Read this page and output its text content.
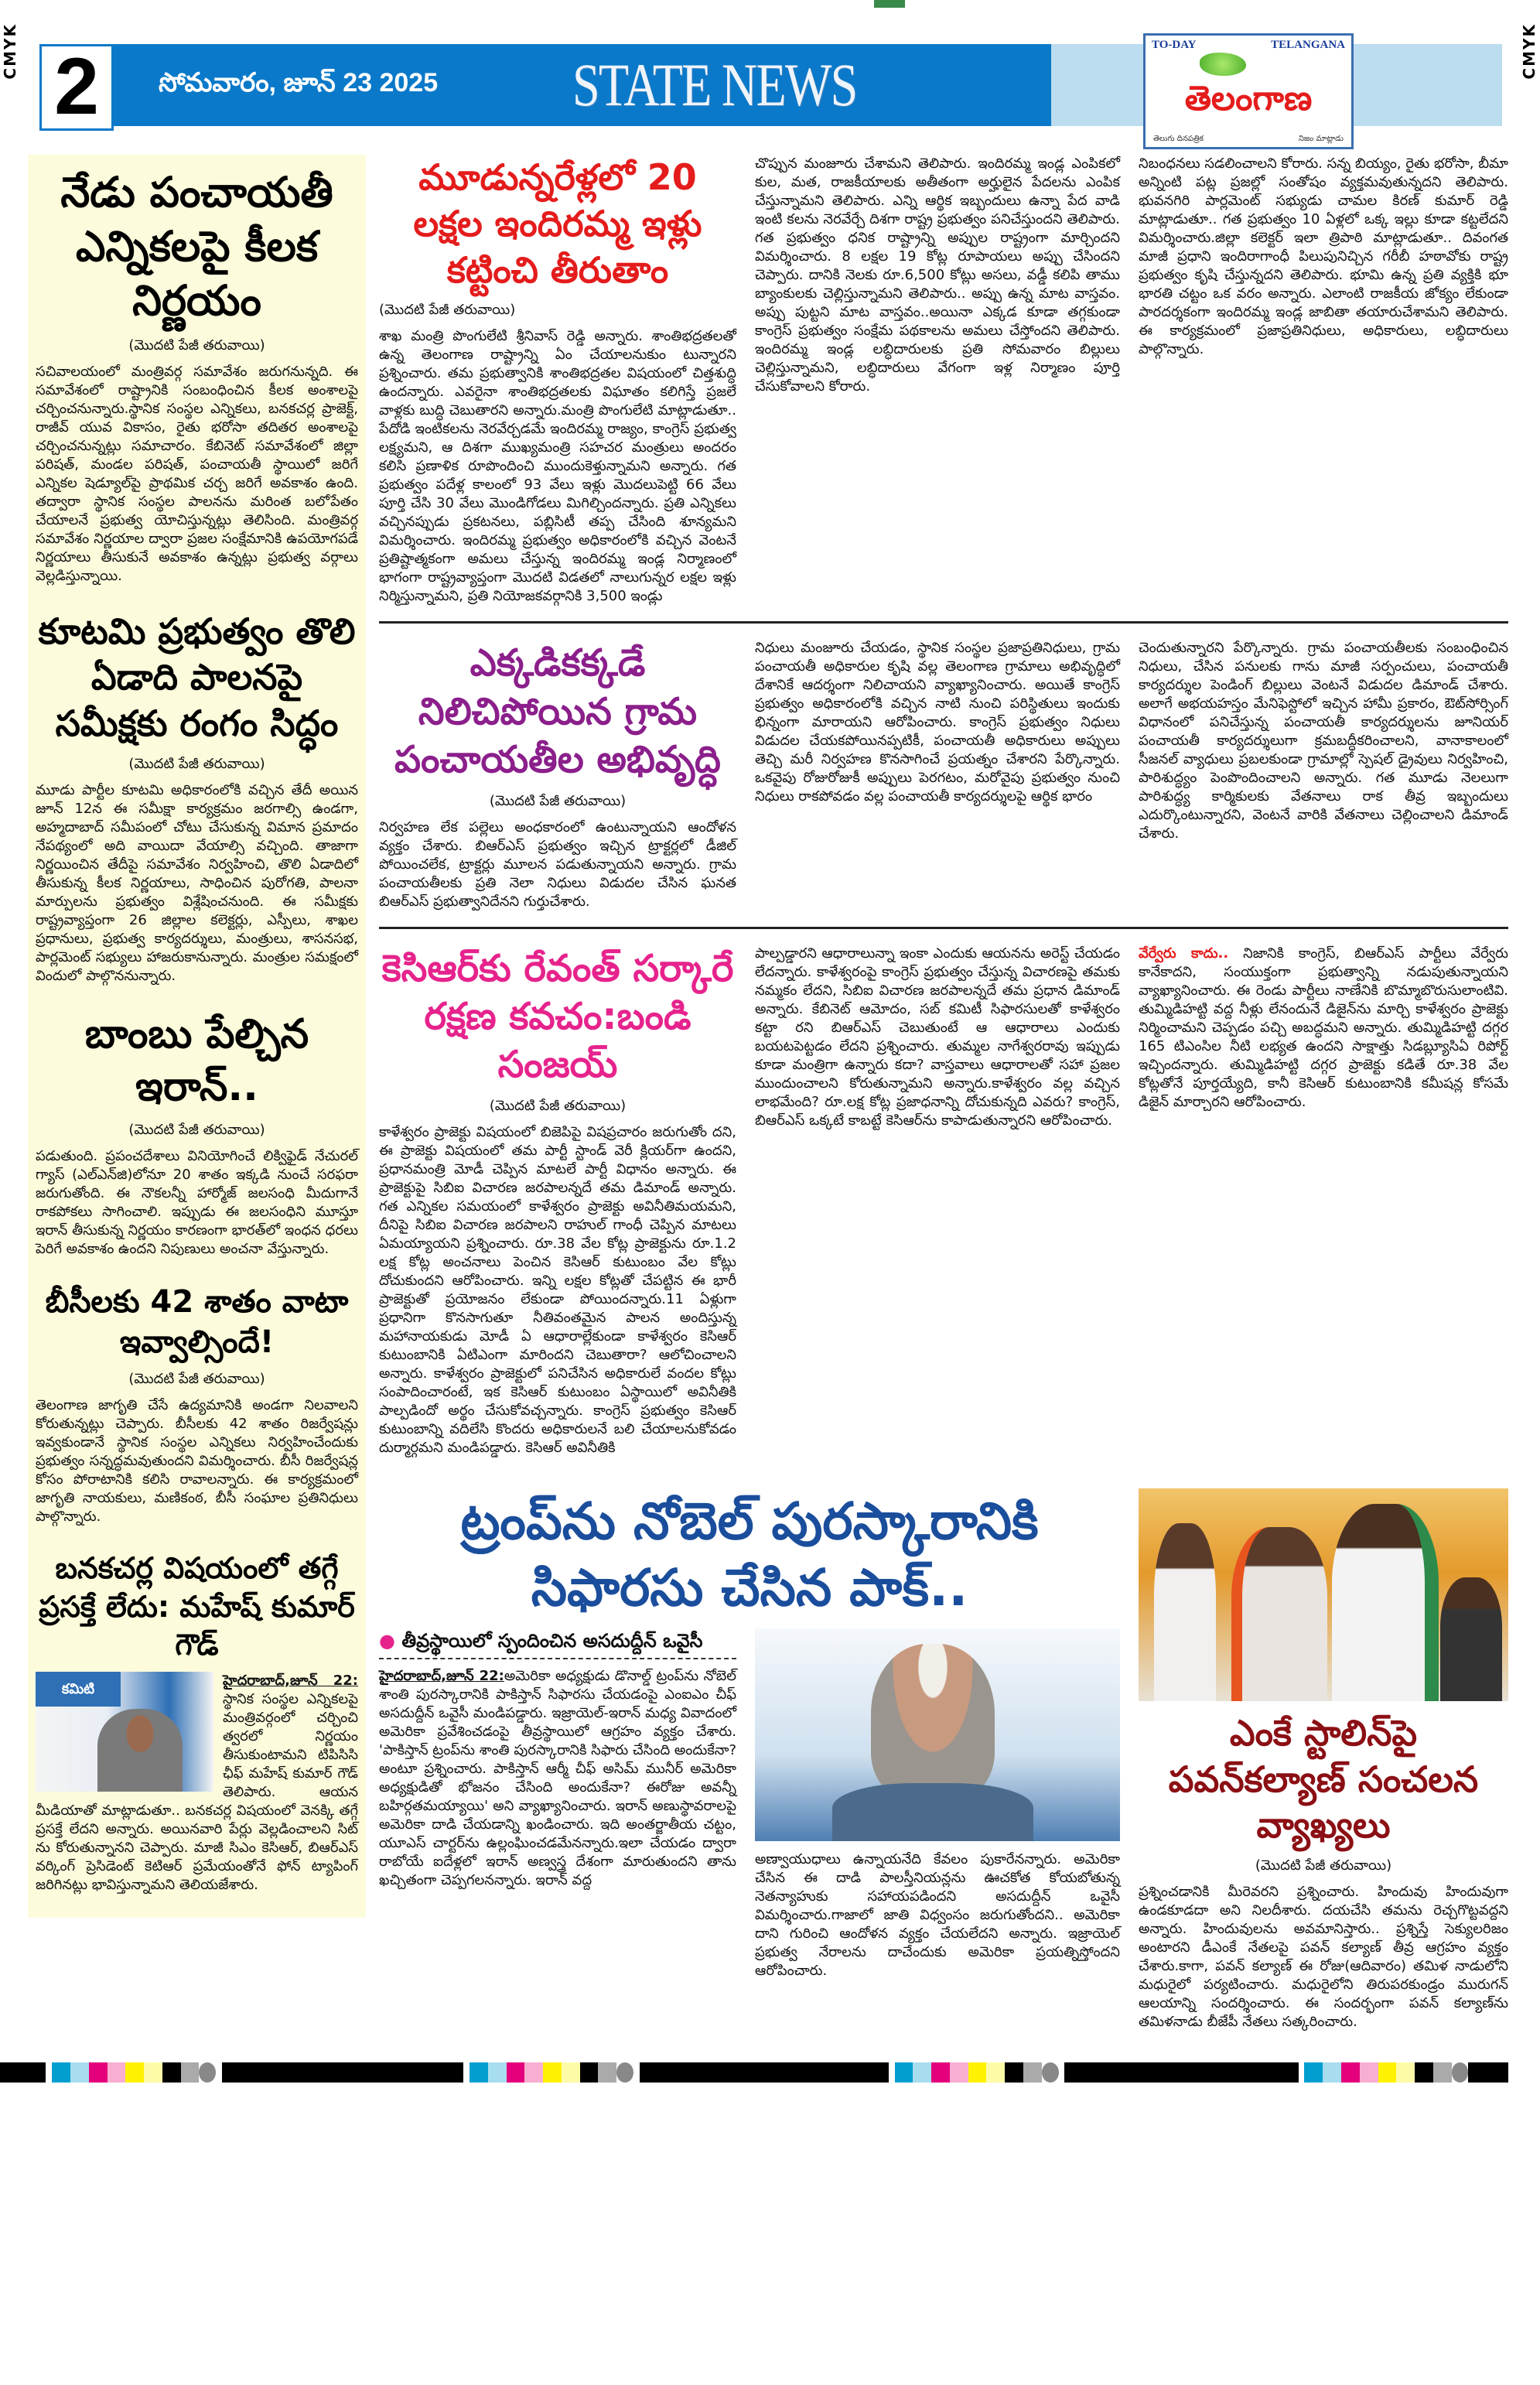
CMYK	CMYK
2	సోమవారం, జూన్ 23 2025 STATE NEWS
TO-DAY	TELANGANA
తెలంగాణ
తెలుగు దినపత్రిక	నిజం మాట్లాడు
నేడు పంచాయతీ ఎన్నికలపై కీలక నిర్ణయం
(మొదటి పేజీ తరువాయి)

సచివాలయంలో మంత్రివర్గ సమావేశం జరుగనున్నది. ఈ సమావేశంలో రాష్ట్రానికి సంబంధించిన కీలక అంశాలపై చర్చించనున్నారు.స్థానిక సంస్థల ఎన్నికలు, బనకచర్ల ప్రాజెక్ట్, రాజీవ్ యువ వికాసం, రైతు భరోసా తదితర అంశాలపై చర్చించనున్నట్లు సమాచారం. కేబినెట్ సమావేశంలో జిల్లా పరిషత్, మండల పరిషత్, పంచాయతీ స్థాయిలో జరిగే ఎన్నికల షెడ్యూల్‌పై ప్రాథమిక చర్చ జరిగే అవకాశం ఉంది. తద్వారా స్థానిక సంస్థల పాలనను మరింత బలోపేతం చేయాలనే ప్రభుత్వ యోచిస్తున్నట్లు తెలిసింది. మంత్రివర్గ సమావేశం నిర్ణయాల ద్వారా ప్రజల సంక్షేమానికి ఉపయోగపడే నిర్ణయాలు తీసుకునే అవకాశం ఉన్నట్లు ప్రభుత్వ వర్గాలు వెల్లడిస్తున్నాయి.

కూటమి ప్రభుత్వం తొలి ఏడాది పాలనపై సమీక్షకు రంగం సిద్ధం
(మొదటి పేజీ తరువాయి)

మూడు పార్టీల కూటమి అధికారంలోకి వచ్చిన తేదీ అయిన జూన్ 12న ఈ సమీక్షా కార్యక్రమం జరగాల్సి ఉండగా, అహ్మదాబాద్ సమీపంలో చోటు చేసుకున్న విమాన ప్రమాదం నేపథ్యంలో అది వాయిదా వేయాల్సి వచ్చింది. తాజాగా నిర్ణయించిన తేదీపై సమావేశం నిర్వహించి, తొలి ఏడాదిలో తీసుకున్న కీలక నిర్ణయాలు, సాధించిన పురోగతి, పాలనా మార్పులను ప్రభుత్వం విశ్లేషించనుంది. ఈ సమీక్షకు రాష్ట్రవ్యాప్తంగా 26 జిల్లాల కలెక్టర్లు, ఎస్పీలు, శాఖల ప్రధానులు, ప్రభుత్వ కార్యదర్శులు, మంత్రులు, శాసనసభ, పార్లమెంట్ సభ్యులు హాజరుకానున్నారు. మంత్రుల సమక్షంలో విందులో పాల్గొననున్నారు.

బాంబు పేల్చిన ఇరాన్..
(మొదటి పేజీ తరువాయి)

పడుతుంది. ప్రపంచదేశాలు వినియోగించే లిక్విఫైడ్ నేచురల్ గ్యాస్ (ఎల్ఎన్‌జి)లోనూ 20 శాతం ఇక్కడి నుంచే సరఫరా జరుగుతోంది. ఈ నౌకలన్నీ హార్మోజ్ జలసంధి మీదుగానే రాకపోకలు సాగించాలి. ఇప్పుడు ఈ జలసంధిని మూస్తూ ఇరాన్ తీసుకున్న నిర్ణయం కారణంగా భారత్‌లో ఇంధన ధరలు పెరిగే అవకాశం ఉందని నిపుణులు అంచనా వేస్తున్నారు.

బీసీలకు 42 శాతం వాటా ఇవ్వాల్సిందే!
(మొదటి పేజీ తరువాయి)

తెలంగాణ జాగృతి చేసే ఉద్యమానికి అండగా నిలవాలని కోరుతున్నట్లు చెప్పారు. బీసీలకు 42 శాతం రిజర్వేషన్లు ఇవ్వకుండానే స్థానిక సంస్థల ఎన్నికలు నిర్వహించేందుకు ప్రభుత్వం సన్నద్ధమవుతుందని విమర్శించారు. బీసీ రిజర్వేషన్ల కోసం పోరాటానికి కలిసి రావాలన్నారు. ఈ కార్యక్రమంలో జాగృతి నాయకులు, మణికంఠ, బీసీ సంఘాల ప్రతినిధులు పాల్గొన్నారు.

బనకచర్ల విషయంలో తగ్గే ప్రసక్తే లేదు: మహేష్ కుమార్ గౌడ్
కమిటి

హైదరాబాద్,జూన్ 22: స్థానిక సంస్థల ఎన్నికలపై మంత్రివర్గంలో చర్చించి త్వరలో నిర్ణయం తీసుకుంటామని టిపిసిసి ఛీఫ్ మహేష్ కుమార్ గౌడ్ తెలిపారు. ఆయన మీడియాతో మాట్లాడుతూ.. బనకచర్ల విషయంలో వెనక్కి తగ్గే ప్రసక్తే లేదని అన్నారు. అయినవారి పేర్లు వెల్లడించాలని సిట్ ను కోరుతున్నానని చెప్పారు. మాజీ సిఎం కెసిఆర్, బిఆర్ఎస్ వర్కింగ్ ప్రెసిడెంట్ కెటిఆర్ ప్రమేయంతోనే ఫోన్ ట్యాపింగ్ జరిగినట్లు భావిస్తున్నామని తెలియజేశారు.

మూడున్నరేళ్లలో 20 లక్షల ఇందిరమ్మ ఇళ్లు కట్టించి తీరుతాం
(మొదటి పేజీ తరువాయి)

శాఖ మంత్రి పొంగులేటి శ్రీనివాస్ రెడ్డి అన్నారు. శాంతిభద్రతలతో ఉన్న తెలంగాణ రాష్ట్రాన్ని ఏం చేయాలనుకుం టున్నారని ప్రశ్నించారు. తమ ప్రభుత్వానికి శాంతిభద్రతల విషయంలో చిత్తశుద్ధి ఉందన్నారు. ఎవరైనా శాంతిభద్రతలకు విఘాతం కలిగిస్తే ప్రజలే వాళ్లకు బుద్ధి చెబుతారని అన్నారు.మంత్రి పొంగులేటి మాట్లాడుతూ.. పేదోడి ఇంటికలను నెరవేర్చడమే ఇందిరమ్మ రాజ్యం, కాంగ్రెస్ ప్రభుత్వ లక్ష్యమని, ఆ దిశగా ముఖ్యమంత్రి సహచర మంత్రులు అందరం కలిసి ప్రణాళిక రూపొందించి ముందుకెళ్తున్నామని అన్నారు. గత ప్రభుత్వం పదేళ్ల కాలంలో 93 వేలు ఇళ్లు మొదలుపెట్టి 66 వేలు పూర్తి చేసి 30 వేలు మొండిగోడలు మిగిల్చిందన్నారు. ప్రతి ఎన్నికలు వచ్చినప్పుడు ప్రకటనలు, పబ్లిసిటీ తప్ప చేసింది శూన్యమని విమర్శించారు. ఇందిరమ్మ ప్రభుత్వం అధికారంలోకి వచ్చిన వెంటనే ప్రతిష్టాత్మకంగా అమలు చేస్తున్న ఇందిరమ్మ ఇండ్ల నిర్మాణంలో భాగంగా రాష్ట్రవ్యాప్తంగా మొదటి విడతలో నాలుగున్నర లక్షల ఇళ్లు నిర్మిస్తున్నామని, ప్రతి నియోజకవర్గానికి 3,500 ఇండ్లు

చొప్పున మంజూరు చేశామని తెలిపారు. ఇందిరమ్మ ఇండ్ల ఎంపికలో కుల, మత, రాజకీయాలకు అతీతంగా అర్హులైన పేదలను ఎంపిక చేస్తున్నామని తెలిపారు. ఎన్ని ఆర్థిక ఇబ్బందులు ఉన్నా పేద వాడి ఇంటి కలను నెరవేర్చే దిశగా రాష్ట్ర ప్రభుత్వం పనిచేస్తుందని తెలిపారు. గత ప్రభుత్వం ధనిక రాష్ట్రాన్ని అప్పుల రాష్ట్రంగా మార్చిందని విమర్శించారు. 8 లక్షల 19 కోట్ల రూపాయలు అప్పు చేసిందని చెప్పారు. దానికి నెలకు రూ.6,500 కోట్లు అసలు, వడ్డీ కలిపి తాము బ్యాంకులకు చెల్లిస్తున్నామని తెలిపారు.. అప్పు ఉన్న మాట వాస్తవం. అప్పు పుట్టని మాట వాస్తవం..అయినా ఎక్కడ కూడా తగ్గకుండా కాంగ్రెస్ ప్రభుత్వం సంక్షేమ పథకాలను అమలు చేస్తోందని తెలిపారు. ఇందిరమ్మ ఇండ్ల లబ్ధిదారులకు ప్రతి సోమవారం బిల్లులు చెల్లిస్తున్నామని, లబ్ధిదారులు వేగంగా ఇళ్ల నిర్మాణం పూర్తి చేసుకోవాలని కోరారు.

నిబంధనలు సడలించాలని కోరారు. సన్న బియ్యం, రైతు భరోసా, బీమా అన్నింటి పట్ల ప్రజల్లో సంతోషం వ్యక్తమవుతున్నదని తెలిపారు. భువనగిరి పార్లమెంట్ సభ్యుడు చామల కిరణ్ కుమార్ రెడ్డి మాట్లాడుతూ.. గత ప్రభుత్వం 10 ఏళ్లలో ఒక్క ఇల్లు కూడా కట్టలేదని విమర్శించారు.జిల్లా కలెక్టర్ ఇలా త్రిపాఠి మాట్లాడుతూ.. దివంగత మాజీ ప్రధాని ఇందిరాగాంధీ పిలుపునిచ్చిన గరీబీ హఠావోకు రాష్ట్ర ప్రభుత్వం కృషి చేస్తున్నదని తెలిపారు. భూమి ఉన్న ప్రతి వ్యక్తికి భూ భారతి చట్టం ఒక వరం అన్నారు. ఎలాంటి రాజకీయ జోక్యం లేకుండా పారదర్శకంగా ఇందిరమ్మ ఇండ్ల జాబితా తయారుచేశామని తెలిపారు. ఈ కార్యక్రమంలో ప్రజాప్రతినిధులు, అధికారులు, లబ్ధిదారులు పాల్గొన్నారు.

ఎక్కడికక్కడే నిలిచిపోయిన గ్రామ పంచాయతీల అభివృద్ధి
(మొదటి పేజీ తరువాయి)

నిర్వహణ లేక పల్లెలు అంధకారంలో ఉంటున్నాయని ఆందోళన వ్యక్తం చేశారు. బిఆర్ఎస్ ప్రభుత్వం ఇచ్చిన ట్రాక్టర్లలో డీజిల్ పోయించలేక, ట్రాక్టర్లు మూలన పడుతున్నాయని అన్నారు. గ్రామ పంచాయతీలకు ప్రతి నెలా నిధులు విడుదల చేసిన ఘనత బిఆర్ఎస్ ప్రభుత్వానిదేనని గుర్తుచేశారు.

నిధులు మంజూరు చేయడం, స్థానిక సంస్థల ప్రజాప్రతినిధులు, గ్రామ పంచాయతీ అధికారుల కృషి వల్ల తెలంగాణ గ్రామాలు అభివృద్ధిలో దేశానికే ఆదర్శంగా నిలిచాయని వ్యాఖ్యానించారు. అయితే కాంగ్రెస్ ప్రభుత్వం అధికారంలోకి వచ్చిన నాటి నుంచి పరిస్థితులు ఇందుకు భిన్నంగా మారాయని ఆరోపించారు. కాంగ్రెస్ ప్రభుత్వం నిధులు విడుదల చేయకపోయినప్పటికీ, పంచాయతీ అధికారులు అప్పులు తెచ్చి మరీ నిర్వహణ కొనసాగించే ప్రయత్నం చేశారని పేర్కొన్నారు. ఒకవైపు రోజురోజుకీ అప్పులు పెరగటం, మరోవైపు ప్రభుత్వం నుంచి నిధులు రాకపోవడం వల్ల పంచాయతీ కార్యదర్శులపై ఆర్థిక భారం

చెందుతున్నారని పేర్కొన్నారు. గ్రామ పంచాయతీలకు సంబంధించిన నిధులు, చేసిన పనులకు గాను మాజీ సర్పంచులు, పంచాయతీ కార్యదర్శుల పెండింగ్ బిల్లులు వెంటనే విడుదల డిమాండ్ చేశారు. అలాగే అభయహస్తం మేనిఫెస్టోలో ఇచ్చిన హామీ ప్రకారం, ఔట్‌సోర్సింగ్ విధానంలో పనిచేస్తున్న పంచాయతీ కార్యదర్శులను జూనియర్ పంచాయతీ కార్యదర్శులుగా క్రమబద్ధీకరించాలని, వానాకాలంలో సీజనల్ వ్యాధులు ప్రబలకుండా గ్రామాల్లో స్పెషల్ డ్రైవులు నిర్వహించి, పారిశుద్ధ్యం పెంపొందించాలని అన్నారు. గత మూడు నెలలుగా పారిశుద్ధ్య కార్మికులకు వేతనాలు రాక తీవ్ర ఇబ్బందులు ఎదుర్కొంటున్నారని, వెంటనే వారికి వేతనాలు చెల్లించాలని డిమాండ్ చేశారు.

కెసిఆర్‌కు రేవంత్ సర్కారే రక్షణ కవచం:బండి సంజయ్
(మొదటి పేజీ తరువాయి)

కాళేశ్వరం ప్రాజెక్టు విషయంలో బిజెపిపై విషప్రచారం జరుగుతోం దని, ఈ ప్రాజెక్టు విషయంలో తమ పార్టీ స్టాండ్ వెరీ క్లియర్‌గా ఉందని, ప్రధానమంత్రి మోడీ చెప్పిన మాటలే పార్టీ విధానం అన్నారు. ఈ ప్రాజెక్టుపై సిబిఐ విచారణ జరపాలన్నదే తమ డిమాండ్ అన్నారు. గత ఎన్నికల సమయంలో కాళేశ్వరం ప్రాజెక్టు అవినీతిమయమని, దీనిపై సిబిఐ విచారణ జరపాలని రాహుల్ గాంధీ చెప్పిన మాటలు ఏమయ్యాయని ప్రశ్నించారు. రూ.38 వేల కోట్ల ప్రాజెక్టును రూ.1.2 లక్ష కోట్ల అంచనాలు పెంచిన కెసిఆర్ కుటుంబం వేల కోట్లు దోచుకుందని ఆరోపించారు. ఇన్ని లక్షల కోట్లతో చేపట్టిన ఈ భారీ ప్రాజెక్టుతో ప్రయోజనం లేకుండా పోయిందన్నారు.11 ఏళ్లుగా ప్రధానిగా కొనసాగుతూ నీతివంతమైన పాలన అందిస్తున్న మహానాయకుడు మోడీ ఏ ఆధారాల్లేకుండా కాళేశ్వరం కెసిఆర్ కుటుంబానికి ఏటిఎంగా మారిందని చెబుతారా? ఆలోచించాలని అన్నారు. కాళేశ్వరం ప్రాజెక్టులో పనిచేసిన అధికారులే వందల కోట్లు సంపాదించారంటే, ఇక కెసిఆర్ కుటుంబం ఏస్థాయిలో అవినీతికి పాల్పడిందో అర్థం చేసుకోవచ్చన్నారు. కాంగ్రెస్ ప్రభుత్వం కెసిఆర్ కుటుంబాన్ని వదిలేసి కొందరు అధికారులనే బలి చేయాలనుకోవడం దుర్మార్గమని మండిపడ్డారు. కెసిఆర్ అవినీతికి

పాల్పడ్డారని ఆధారాలున్నా ఇంకా ఎందుకు ఆయనను అరెస్ట్ చేయడం లేదన్నారు. కాళేశ్వరంపై కాంగ్రెస్ ప్రభుత్వం చేస్తున్న విచారణపై తమకు నమ్మకం లేదని, సిబిఐ విచారణ జరపాలన్నదే తమ ప్రధాన డిమాండ్ అన్నారు. కేబినెట్ ఆమోదం, సబ్ కమిటీ సిఫారసులతో కాళేశ్వరం కట్టా రని బిఆర్ఎస్ చెబుతుంటే ఆ ఆధారాలు ఎందుకు బయటపెట్టడం లేదని ప్రశ్నించారు. తుమ్మల నాగేశ్వరరావు ఇప్పుడు కూడా మంత్రిగా ఉన్నారు కదా? వాస్తవాలు ఆధారాలతో సహా ప్రజల ముందుంచాలని కోరుతున్నామని అన్నారు.కాళేశ్వరం వల్ల వచ్చిన లాభమేంది? రూ.లక్ష కోట్ల ప్రజాధనాన్ని దోచుకున్నది ఎవరు? కాంగ్రెస్, బిఆర్ఎస్ ఒక్కటే కాబట్టే కెసిఆర్‌ను కాపాడుతున్నారని ఆరోపించారు.

వేర్వేరు కాదు.. నిజానికి కాంగ్రెస్, బిఆర్ఎస్ పార్టీలు వేర్వేరు కానేకాదని, సంయుక్తంగా ప్రభుత్వాన్ని నడుపుతున్నాయని వ్యాఖ్యానించారు. ఈ రెండు పార్టీలు నాణేనికి బొమ్మాబొరుసులాంటివి. తుమ్మిడిహట్టి వద్ద నీళ్లు లేనందునే డిజైన్‌ను మార్చి కాళేశ్వరం ప్రాజెక్టు నిర్మించామని చెప్పడం పచ్చి అబద్ధమని అన్నారు. తుమ్మిడిహట్టి దగ్గర 165 టిఎంసిల నీటి లభ్యత ఉందని సాక్షాత్తు సిడబ్ల్యూసిఏ రిపోర్ట్ ఇచ్చిందన్నారు. తుమ్మిడిహట్టి దగ్గర ప్రాజెక్టు కడితే రూ.38 వేల కోట్లతోనే పూర్తయ్యేది, కానీ కెసిఆర్ కుటుంబానికి కమీషన్ల కోసమే డిజైన్ మార్చారని ఆరోపించారు.

ట్రంప్‌ను నోబెల్ పురస్కారానికి సిఫారసు చేసిన పాక్..
● తీవ్రస్థాయిలో స్పందించిన అసదుద్దీన్ ఒవైసీ

హైదరాబాద్,జూన్ 22:అమెరికా అధ్యక్షుడు డొనాల్డ్ ట్రంప్‌ను నోబెల్ శాంతి పురస్కారానికి పాకిస్తాన్ సిఫారసు చేయడంపై ఎంఐఎం చీఫ్ అసదుద్దీన్ ఒవైసీ మండిపడ్డారు. ఇజ్రాయెల్-ఇరాన్ మధ్య వివాదంలో అమెరికా ప్రవేశించడంపై తీవ్రస్థాయిలో ఆగ్రహం వ్యక్తం చేశారు. 'పాకిస్తాన్ ట్రంప్‌ను శాంతి పురస్కారానికి సిఫారు చేసింది అందుకేనా? అంటూ ప్రశ్నించారు. పాకిస్తాన్ ఆర్మీ చీఫ్ అసిమ్ మునీర్ అమెరికా అధ్యక్షుడితో భోజనం చేసింది అందుకేనా? ఈరోజు అవన్నీ బహిర్గతమయ్యాయి' అని వ్యాఖ్యానించారు. ఇరాన్ అణుస్థావరాలపై అమెరికా దాడి చేయడాన్ని ఖండించారు. ఇది అంతర్జాతీయ చట్టం, యూఎస్ చార్టర్‌ను ఉల్లంఘించడమేనన్నారు.ఇలా చేయడం ద్వారా రాబోయే ఐదేళ్లలో ఇరాన్ అణ్వస్త్ర దేశంగా మారుతుందని తాను ఖచ్చితంగా చెప్పగలనన్నారు. ఇరాన్ వద్ద

అణ్వాయుధాలు ఉన్నాయనేది కేవలం పుకారేనన్నారు. అమెరికా చేసిన ఈ దాడి పాలస్తీనియన్లను ఊచకోత కోయబోతున్న నెతన్యాహుకు సహాయపడిందని అసదుద్దీన్ ఒవైసీ విమర్శించారు.గాజాలో జాతి విధ్వంసం జరుగుతోందని.. అమెరికా దాని గురించి ఆందోళన వ్యక్తం చేయలేదని అన్నారు. ఇజ్రాయెల్ ప్రభుత్వ నేరాలను దాచేందుకు అమెరికా ప్రయత్నిస్తోందని ఆరోపించారు.

ఎంకే స్టాలిన్‌పై పవన్‌కల్యాణ్ సంచలన వ్యాఖ్యలు
(మొదటి పేజీ తరువాయి)

ప్రశ్నించడానికి మీరెవరని ప్రశ్నించారు. హిందువు హిందువుగా ఉండకూడదా అని నిలదీశారు. దయచేసి తమను రెచ్చగొట్టవద్దని అన్నారు. హిందువులను అవమానిస్తారు.. ప్రశ్నిస్తే సెక్యులరిజం అంటారని డీఎంకే నేతలపై పవన్ కల్యాణ్ తీవ్ర ఆగ్రహం వ్యక్తం చేశారు.కాగా, పవన్ కల్యాణ్ ఈ రోజు(ఆదివారం) తమిళ నాడులోని మధురైలో పర్యటించారు. మధురైలోని తిరుపరకుండ్రం మురుగన్ ఆలయాన్ని సందర్శించారు. ఈ సందర్భంగా పవన్ కల్యాణ్‌ను తమిళనాడు బీజేపీ నేతలు సత్కరించారు.
